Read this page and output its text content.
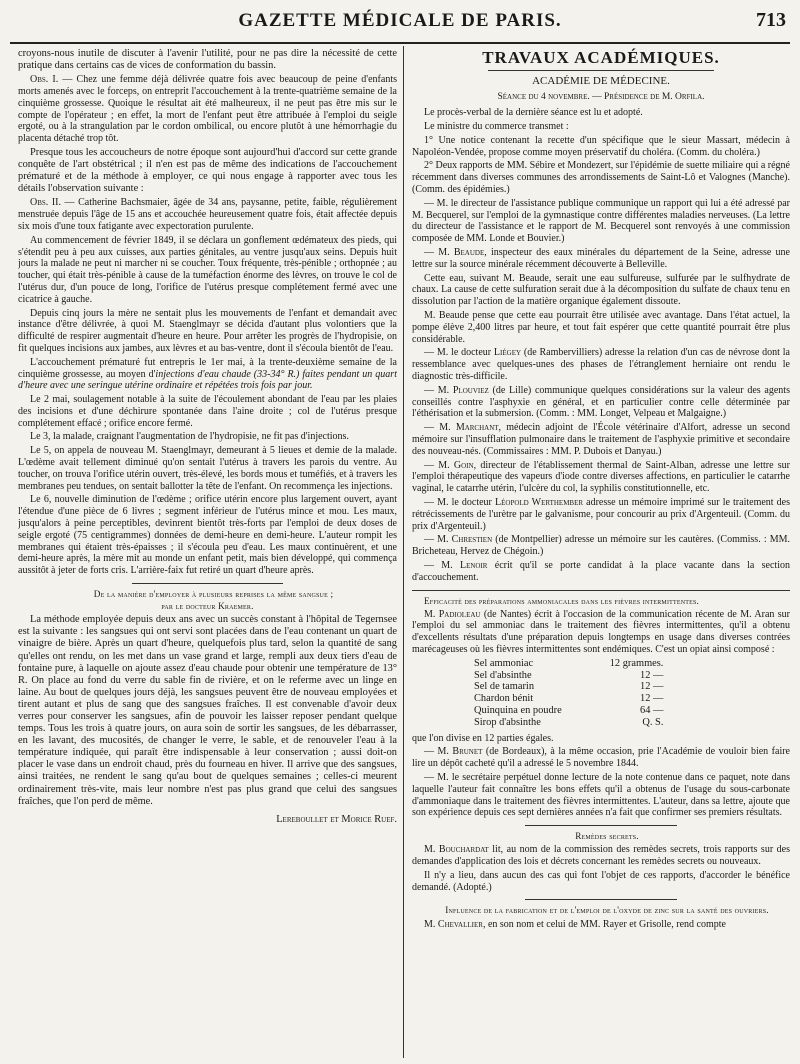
GAZETTE MÉDICALE DE PARIS.	713

croyons-nous inutile de discuter à l'avenir l'utilité, pour ne pas dire la nécessité de cette pratique dans certains cas de vices de conformation du bassin.

Obs. I. — Chez une femme déjà délivrée quatre fois avec beaucoup de peine d'enfants morts amenés avec le forceps, on entreprit l'accouchement à la trente-quatrième semaine de la cinquième grossesse. Quoique le résultat ait été malheureux, il ne peut pas être mis sur le compte de l'opérateur ; en effet, la mort de l'enfant peut être attribuée à l'emploi du seigle ergoté, ou à la strangulation par le cordon ombilical, ou encore plutôt à une hémorrhagie du placenta détaché trop tôt.

Presque tous les accoucheurs de notre époque sont aujourd'hui d'accord sur cette grande conquête de l'art obstétrical ; il n'en est pas de même des indications de l'accouchement prématuré et de la méthode à employer, ce qui nous engage à rapporter avec tous les détails l'observation suivante :

Obs. II. — Catherine Bachsmaier, âgée de 34 ans, paysanne, petite, faible, régulièrement menstruée depuis l'âge de 15 ans et accouchée heureusement quatre fois, était affectée depuis six mois d'une toux fatigante avec expectoration purulente.

Au commencement de février 1849, il se déclara un gonflement œdémateux des pieds, qui s'étendit peu à peu aux cuisses, aux parties génitales, au ventre jusqu'aux seins. Depuis huit jours la malade ne peut ni marcher ni se coucher. Toux fréquente, très-pénible ; orthopnée ; au toucher, qui était très-pénible à cause de la tuméfaction énorme des lèvres, on trouve le col de l'utérus dur, d'un pouce de long, l'orifice de l'utérus presque complétement fermé avec une cicatrice à gauche.

Depuis cinq jours la mère ne sentait plus les mouvements de l'enfant et demandait avec instance d'être délivrée, à quoi M. Staenglmayr se décida d'autant plus volontiers que la difficulté de respirer augmentait d'heure en heure. Pour arrêter les progrès de l'hydropisie, on fit quelques incisions aux jambes, aux lèvres et au bas-ventre, dont il s'écoula bientôt de l'eau.

L'accouchement prématuré fut entrepris le 1er mai, à la trente-deuxième semaine de la cinquième grossesse, au moyen d'injections d'eau chaude (33-34° R.) faites pendant un quart d'heure avec une seringue utérine ordinaire et répétées trois fois par jour.

Le 2 mai, soulagement notable à la suite de l'écoulement abondant de l'eau par les plaies des incisions et d'une déchirure spontanée dans l'aine droite ; col de l'utérus presque complétement effacé ; orifice encore fermé.

Le 3, la malade, craignant l'augmentation de l'hydropisie, ne fit pas d'injections.

Le 5, on appela de nouveau M. Staenglmayr, demeurant à 5 lieues et demie de la malade. L'œdème avait tellement diminué qu'on sentait l'utérus à travers les parois du ventre. Au toucher, on trouva l'orifice utérin ouvert, très-élevé, les bords mous et tuméfiés, et à travers les membranes peu tendues, on sentait ballotter la tête de l'enfant. On recommença les injections.

Le 6, nouvelle diminution de l'œdème ; orifice utérin encore plus largement ouvert, ayant l'étendue d'une pièce de 6 livres ; segment inférieur de l'utérus mince et mou. Les maux, jusqu'alors à peine perceptibles, devinrent bientôt très-forts par l'emploi de deux doses de seigle ergoté (75 centigrammes) données de demi-heure en demi-heure. L'auteur rompit les membranes qui étaient très-épaisses ; il s'écoula peu d'eau. Les maux continuèrent, et une demi-heure après, la mère mit au monde un enfant petit, mais bien développé, qui commença aussitôt à jeter de forts cris. L'arrière-faix fut retiré un quart d'heure après.

De la manière d'employer à plusieurs reprises la même sangsue ;
par le docteur Kraemer.

La méthode employée depuis deux ans avec un succès constant à l'hôpital de Tegernsee est la suivante : les sangsues qui ont servi sont placées dans de l'eau contenant un quart de vinaigre de bière. Après un quart d'heure, quelquefois plus tard, selon la quantité de sang qu'elles ont rendu, on les met dans un vase grand et large, rempli aux deux tiers d'eau de fontaine pure, à laquelle on ajoute assez d'eau chaude pour obtenir une température de 13° R. On place au fond du verre du sable fin de rivière, et on le referme avec un linge en laine. Au bout de quelques jours déjà, les sangsues peuvent être de nouveau employées et tirent autant et plus de sang que des sangsues fraîches. Il est convenable d'avoir deux verres pour conserver les sangsues, afin de pouvoir les laisser reposer pendant quelque temps. Tous les trois à quatre jours, on aura soin de sortir les sangsues, de les débarrasser, en les lavant, des mucosités, de changer le verre, le sable, et de renouveler l'eau à la température indiquée, qui paraît être indispensable à leur conservation ; aussi doit-on placer le vase dans un endroit chaud, près du fourneau en hiver. Il arrive que des sangsues, ainsi traitées, ne rendent le sang qu'au bout de quelques semaines ; celles-ci meurent ordinairement très-vite, mais leur nombre n'est pas plus grand que celui des sangsues fraîches, que l'on perd de même.

Lereboullet et Morice Ruef.
TRAVAUX ACADÉMIQUES.
ACADÉMIE DE MÉDECINE.
Séance du 4 novembre. — Présidence de M. Orfila.

Le procès-verbal de la dernière séance est lu et adopté.

Le ministre du commerce transmet :

1° Une notice contenant la recette d'un spécifique que le sieur Massart, médecin à Napoléon-Vendée, propose comme moyen préservatif du choléra. (Comm. du choléra.)

2° Deux rapports de MM. Sébire et Mondezert, sur l'épidémie de suette miliaire qui a régné récemment dans diverses communes des arrondissements de Saint-Lô et Valognes (Manche). (Comm. des épidémies.)

— M. le directeur de l'assistance publique communique un rapport qui lui a été adressé par M. Becquerel, sur l'emploi de la gymnastique contre différentes maladies nerveuses. (La lettre du directeur de l'assistance et le rapport de M. Becquerel sont renvoyés à une commission composée de MM. Londe et Bouvier.)

— M. Beaude, inspecteur des eaux minérales du département de la Seine, adresse une lettre sur la source minérale récemment découverte à Belleville.

Cette eau, suivant M. Beaude, serait une eau sulfureuse, sulfurée par le sulfhydrate de chaux. La cause de cette sulfuration serait due à la décomposition du sulfate de chaux tenu en dissolution par l'action de la matière organique également dissoute.

M. Beaude pense que cette eau pourrait être utilisée avec avantage. Dans l'état actuel, la pompe élève 2,400 litres par heure, et tout fait espérer que cette quantité pourrait être plus considérable.

— M. le docteur Liégey (de Rambervilliers) adresse la relation d'un cas de névrose dont la ressemblance avec quelques-unes des phases de l'étranglement herniaire ont rendu le diagnostic très-difficile.

— M. Plouviez (de Lille) communique quelques considérations sur la valeur des agents conseillés contre l'asphyxie en général, et en particulier contre celle déterminée par l'éthérisation et la submersion. (Comm. : MM. Longet, Velpeau et Malgaigne.)

— M. Marchant, médecin adjoint de l'École vétérinaire d'Alfort, adresse un second mémoire sur l'insufflation pulmonaire dans le traitement de l'asphyxie primitive et secondaire des nouveau-nés. (Commissaires : MM. P. Dubois et Danyau.)

— M. Goin, directeur de l'établissement thermal de Saint-Alban, adresse une lettre sur l'emploi thérapeutique des vapeurs d'iode contre diverses affections, en particulier le catarrhe vaginal, le catarrhe utérin, l'ulcère du col, la syphilis constitutionnelle, etc.

— M. le docteur Léopold Werthember adresse un mémoire imprimé sur le traitement des rétrécissements de l'urètre par le galvanisme, pour concourir au prix d'Argenteuil. (Comm. du prix d'Argenteuil.)

— M. Chrestien (de Montpellier) adresse un mémoire sur les cautères. (Commiss. : MM. Bricheteau, Hervez de Chégoin.)

— M. Lenoir écrit qu'il se porte candidat à la place vacante dans la section d'accouchement.

Efficacité des préparations ammoniacales dans les fièvres intermittentes.

M. Padioleau (de Nantes) écrit à l'occasion de la communication récente de M. Aran sur l'emploi du sel ammoniac dans le traitement des fièvres intermittentes, qu'il a obtenu d'excellents résultats d'une préparation depuis longtemps en usage dans diverses contrées marécageuses où les fièvres intermittentes sont endémiques. C'est un opiat ainsi composé :

Sel ammoniac	12 grammes.
Sel d'absinthe	12 —
Sel de tamarin	12 —
Chardon bénit	12 —
Quinquina en poudre	64 —
Sirop d'absinthe	Q. S.

que l'on divise en 12 parties égales.

— M. Brunet (de Bordeaux), à la même occasion, prie l'Académie de vouloir bien faire lire un dépôt cacheté qu'il a adressé le 5 novembre 1844.

— M. le secrétaire perpétuel donne lecture de la note contenue dans ce paquet, note dans laquelle l'auteur fait connaître les bons effets qu'il a obtenus de l'usage du sous-carbonate d'ammoniaque dans le traitement des fièvres intermittentes. L'auteur, dans sa lettre, ajoute que son expérience depuis ces sept dernières années n'a fait que confirmer ses premiers résultats.

Remèdes secrets.

M. Bouchardat lit, au nom de la commission des remèdes secrets, trois rapports sur des demandes d'application des lois et décrets concernant les remèdes secrets ou nouveaux.

Il n'y a lieu, dans aucun des cas qui font l'objet de ces rapports, d'accorder le bénéfice demandé. (Adopté.)

Influence de la fabrication et de l'emploi de l'oxyde de zinc sur la santé des ouvriers.

M. Chevallier, en son nom et celui de MM. Rayer et Grisolle, rend compte
